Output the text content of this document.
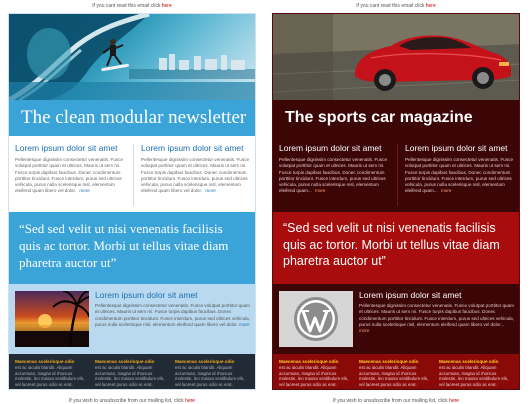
If you cant read this email click here
The clean modular newsletter
Lorem ipsum dolor sit amet

Pellentesque dignissim consectetur venenatis. Fusce volutpat porttitor quam et ultrices. Mauris ut sem mi. Fusce turpis dapibus faucibus. Donec condimentum porttitor tincidunt. Fusce interdum, purus sed ultrices vehicula, purus nulla scelerisque nisl, elementum eleifend quam libero vel dolor. more

Lorem ipsum dolor sit amet

Pellentesque dignissim consectetur venenatis. Fusce volutpat porttitor quam et ultrices. Mauris ut sem mi. Fusce turpis dapibus faucibus. Donec condimentum porttitor tincidunt. Fusce interdum, purus sed ultrices vehicula, purus nulla scelerisque nisl, elementum eleifend quam libero vel dolor. more

“Sed sed velit ut nisi venenatis facilisis quis ac tortor. Morbi ut tellus vitae diam pharetra auctor ut”
Lorem ipsum dolor sit amet

Pellentesque dignissim consectetur venenatis. Fusce volutpat porttitor quam et ultrices. Mauris ut sem mi. Fusce turpis dapibus faucibus. Donec condimentum porttitor tincidunt. Fusce interdum, purus sed ultrices vehicula, purus nulla scelerisque nisl, elementum eleifend quam libero vel dolor. more

Maecenas scelerisque odio

est ac iaculis blandit. Aliquam accumsan, magna id rhoncus molestie, leo massa vestibulum elit, vel laoreet purus odio ac erat.

Maecenas scelerisque odio

est ac iaculis blandit. Aliquam accumsan, magna id rhoncus molestie, leo massa vestibulum elit, vel laoreet purus odio ac erat.

Maecenas scelerisque odio

est ac iaculis blandit. Aliquam accumsan, magna id rhoncus molestie, leo massa vestibulum elit, vel laoreet purus odio ac erat.

If you wish to unsubscribe from our mailing list, click here
If you cant read this email click here
The sports car magazine
Lorem ipsum dolor sit amet

Pellentesque dignissim consectetur venenatis. Fusce volutpat porttitor quam et ultrices. Mauris ut sem mi. Fusce turpis dapibus faucibus. Donec condimentum porttitor tincidunt. Fusce interdum, purus sed ultrices vehicula, purus nulla scelerisque nisl, elementum eleifend quam... more

Lorem ipsum dolor sit amet

Pellentesque dignissim consectetur venenatis. Fusce volutpat porttitor quam et ultrices. Mauris ut sem mi. Fusce turpis dapibus faucibus. Donec condimentum porttitor tincidunt. Fusce interdum, purus sed ultrices vehicula, purus nulla scelerisque nisl, elementum eleifend quam... more

“Sed sed velit ut nisi venenatis facilisis quis ac tortor. Morbi ut tellus vitae diam pharetra auctor ut”
Lorem ipsum dolor sit amet

Pellentesque dignissim consectetur venenatis. Fusce volutpat porttitor quam et ultrices. Mauris ut sem mi. Fusce turpis dapibus faucibus. Donec condimentum porttitor tincidunt. Fusce interdum, purus sed ultrices vehicula, purus nulla scelerisque nisl, elementum eleifend quam libero vel dolor... more

Maecenas scelerisque odio

est ac iaculis blandit. Aliquam accumsan, magna id rhoncus molestie, leo massa vestibulum elit, vel laoreet purus odio ac erat.

Maecenas scelerisque odio

est ac iaculis blandit. Aliquam accumsan, magna id rhoncus molestie, leo massa vestibulum elit, vel laoreet purus odio ac erat.

Maecenas scelerisque odio

est ac iaculis blandit. Aliquam accumsan, magna id rhoncus molestie, leo massa vestibulum elit, vel laoreet purus odio ac erat.

If you wish to unsubscribe from our mailing list, click here
